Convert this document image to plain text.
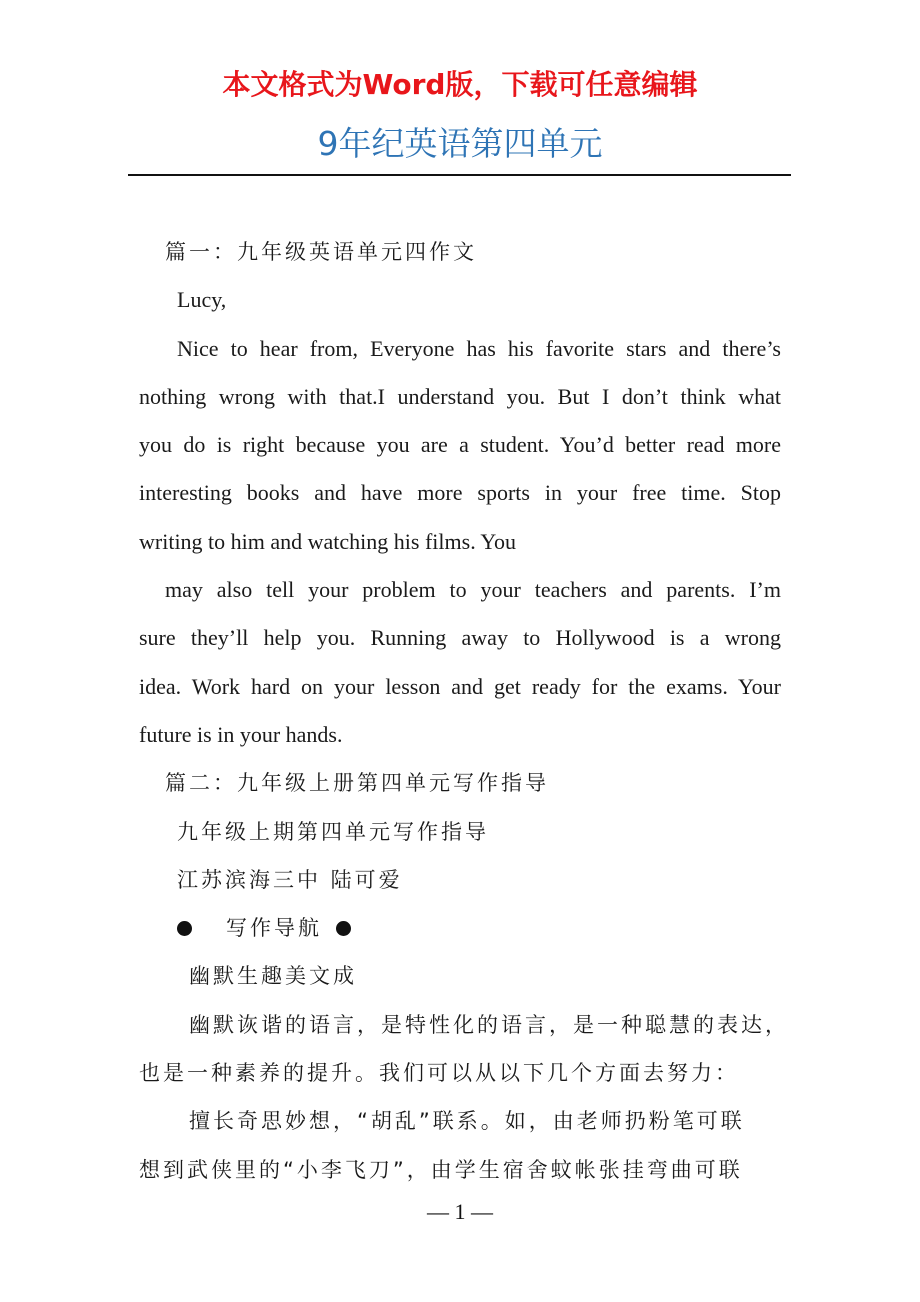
本文格式为Word版，下载可任意编辑
9年纪英语第四单元
篇一：九年级英语单元四作文
Lucy,
Nice to hear from, Everyone has his favorite stars and there’s
nothing wrong with that.I understand you. But I don’t think what
you do is right because you are a student. You’d better read more
interesting books and have more sports in your free time. Stop
writing to him and watching his films. You
may also tell your problem to your teachers and parents. I’m
sure they’ll help you. Running away to Hollywood is a wrong
idea. Work hard on your lesson and get ready for the exams. Your
future is in your hands.
篇二：九年级上册第四单元写作指导
九年级上期第四单元写作指导
江苏滨海三中 陆可爱
写作导航
幽默生趣美文成
幽默诙谐的语言，是特性化的语言，是一种聪慧的表达，
也是一种素养的提升。我们可以从以下几个方面去努力：
擅长奇思妙想，“胡乱”联系。如，由老师扔粉笔可联
想到武侠里的“小李飞刀”，由学生宿舍蚊帐张挂弯曲可联
— 1 —
